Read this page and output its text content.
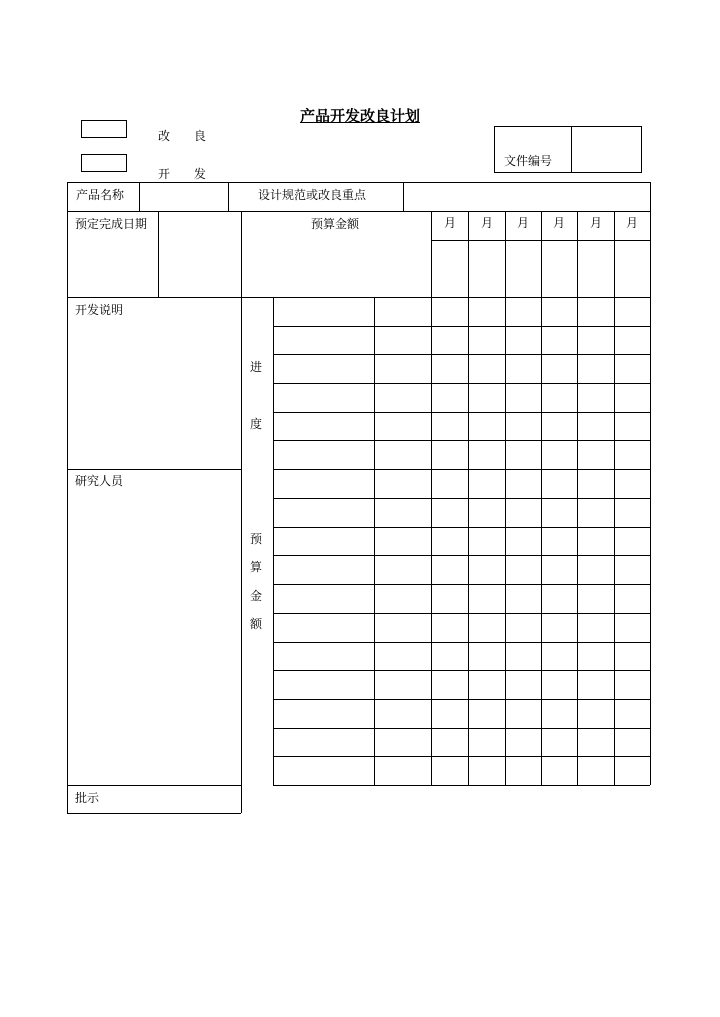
产品开发改良计划
改 良
开 发
文件编号
产品名称	设计规范或改良重点
预定完成日期	预算金额	月 月 月 月 月 月
开发说明
进
度
研究人员
预
算
金
额
批示
